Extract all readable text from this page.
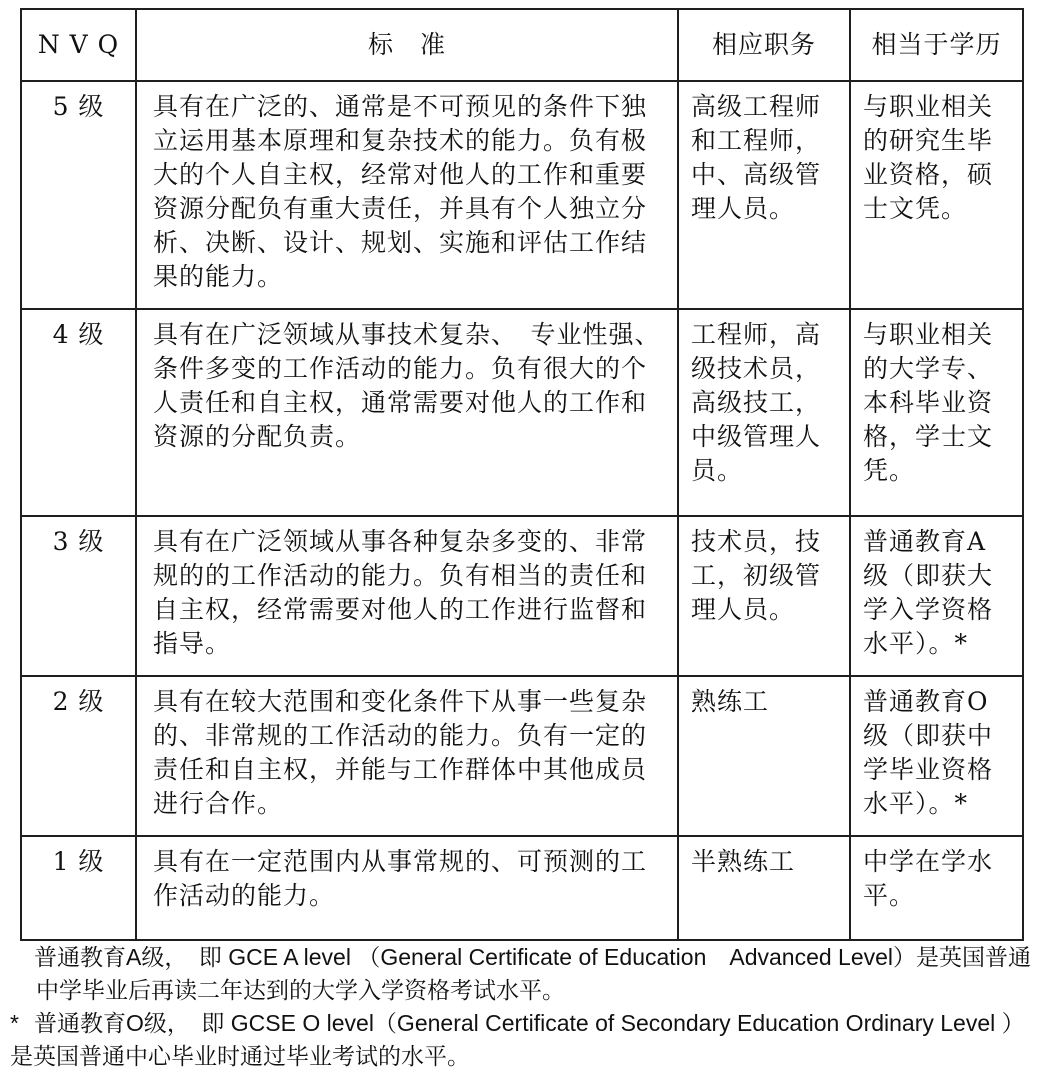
N V Q	标　准	相应职务	相当于学历
5 级	具有在广泛的、通常是不可预见的条件下独立运用基本原理和复杂技术的能力。负有极大的个人自主权，经常对他人的工作和重要资源分配负有重大责任，并具有个人独立分析、决断、设计、规划、实施和评估工作结果的能力。	高级工程师和工程师，中、高级管理人员。	与职业相关的研究生毕业资格，硕士文凭。
4 级	具有在广泛领域从事技术复杂、　专业性强、条件多变的工作活动的能力。负有很大的个人责任和自主权，通常需要对他人的工作和资源的分配负责。	工程师，高级技术员，高级技工，中级管理人员。	与职业相关的大学专、本科毕业资格，学士文凭。
3 级	具有在广泛领域从事各种复杂多变的、非常规的的工作活动的能力。负有相当的责任和自主权，经常需要对他人的工作进行监督和指导。	技术员，技工，初级管理人员。	普通教育A级（即获大学入学资格水平）。*
2 级	具有在较大范围和变化条件下从事一些复杂的、非常规的工作活动的能力。负有一定的责任和自主权，并能与工作群体中其他成员进行合作。	熟练工	普通教育O级（即获中学毕业资格水平）。*
1 级	具有在一定范围内从事常规的、可预测的工作活动的能力。	半熟练工	中学在学水平。

普通教育A级，　即 GCE A level （General Certificate of Education　Advanced Level）是英国普通中学毕业后再读二年达到的大学入学资格考试水平。

* 普通教育O级，　即 GCSE O level（General Certificate of Secondary Education Ordinary Level ）是英国普通中心毕业时通过毕业考试的水平。
